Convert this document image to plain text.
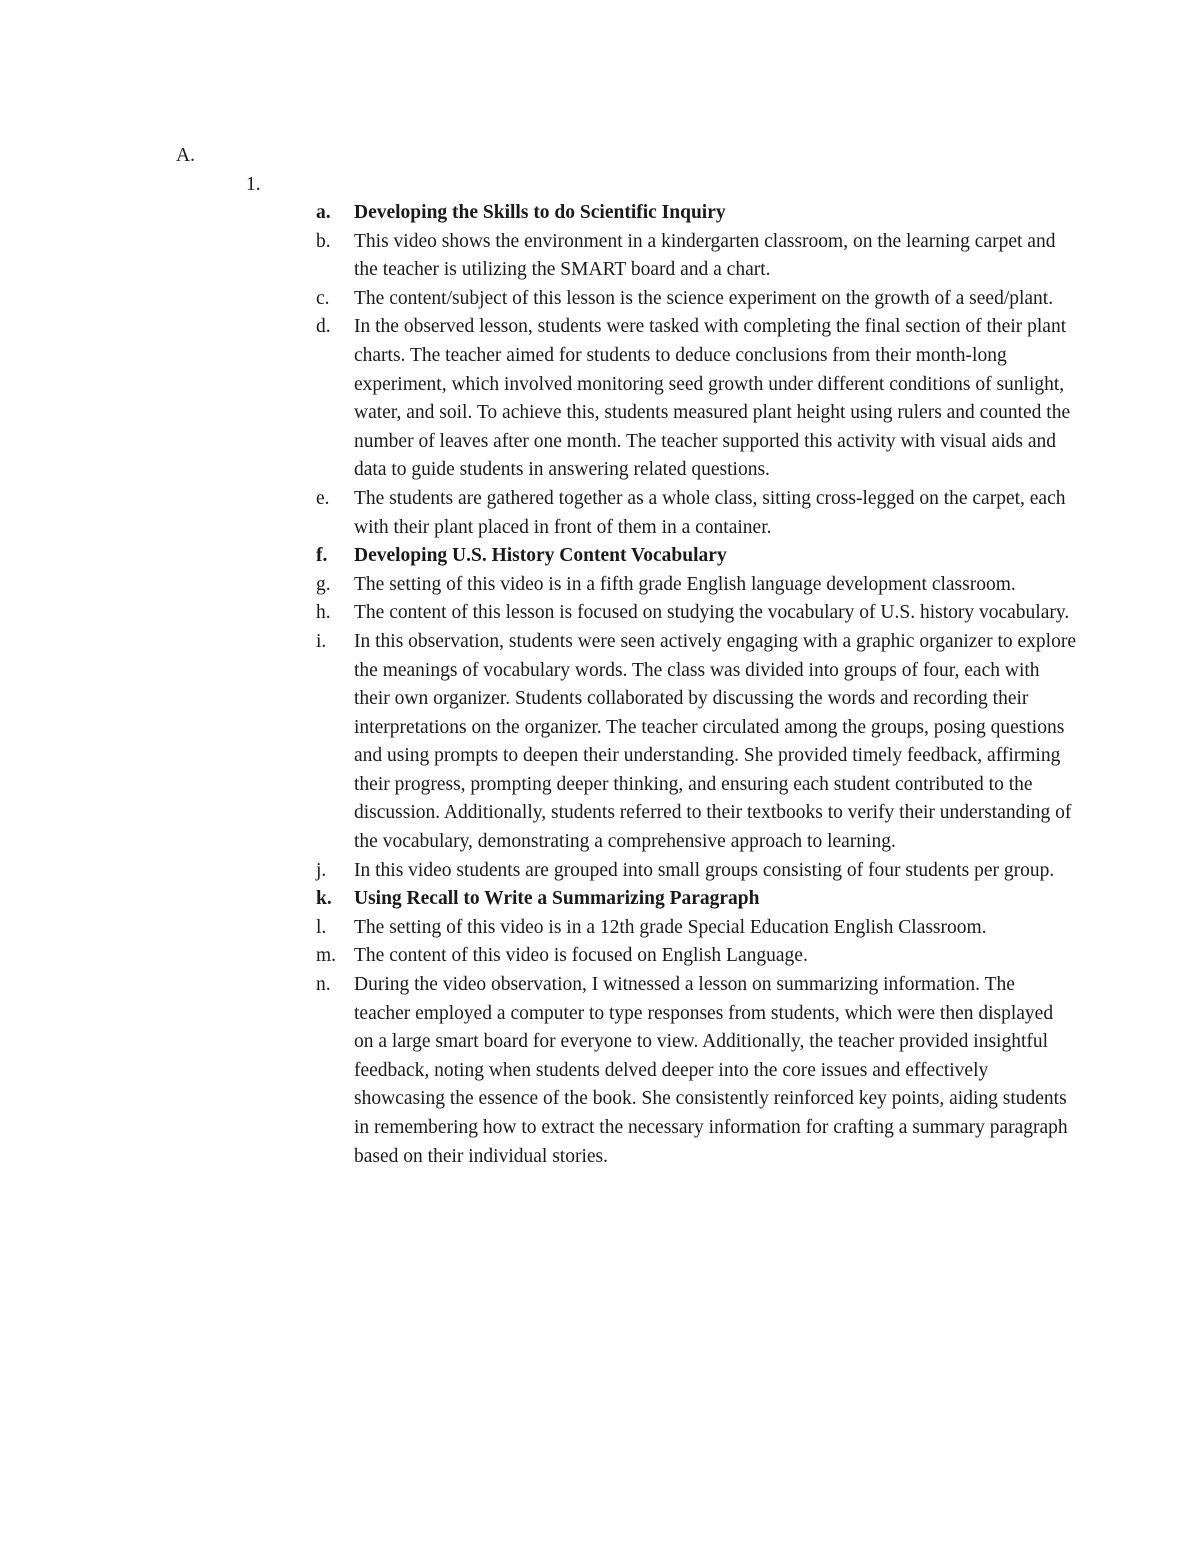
A.
1.
a. Developing the Skills to do Scientific Inquiry
b. This video shows the environment in a kindergarten classroom, on the learning carpet and the teacher is utilizing the SMART board and a chart.
c. The content/subject of this lesson is the science experiment on the growth of a seed/plant.
d. In the observed lesson, students were tasked with completing the final section of their plant charts. The teacher aimed for students to deduce conclusions from their month-long experiment, which involved monitoring seed growth under different conditions of sunlight, water, and soil. To achieve this, students measured plant height using rulers and counted the number of leaves after one month. The teacher supported this activity with visual aids and data to guide students in answering related questions.
e. The students are gathered together as a whole class, sitting cross-legged on the carpet, each with their plant placed in front of them in a container.
f. Developing U.S. History Content Vocabulary
g. The setting of this video is in a fifth grade English language development classroom.
h. The content of this lesson is focused on studying the vocabulary of U.S. history vocabulary.
i. In this observation, students were seen actively engaging with a graphic organizer to explore the meanings of vocabulary words. The class was divided into groups of four, each with their own organizer. Students collaborated by discussing the words and recording their interpretations on the organizer. The teacher circulated among the groups, posing questions and using prompts to deepen their understanding. She provided timely feedback, affirming their progress, prompting deeper thinking, and ensuring each student contributed to the discussion. Additionally, students referred to their textbooks to verify their understanding of the vocabulary, demonstrating a comprehensive approach to learning.
j. In this video students are grouped into small groups consisting of four students per group.
k. Using Recall to Write a Summarizing Paragraph
l. The setting of this video is in a 12th grade Special Education English Classroom.
m. The content of this video is focused on English Language.
n. During the video observation, I witnessed a lesson on summarizing information. The teacher employed a computer to type responses from students, which were then displayed on a large smart board for everyone to view. Additionally, the teacher provided insightful feedback, noting when students delved deeper into the core issues and effectively showcasing the essence of the book. She consistently reinforced key points, aiding students in remembering how to extract the necessary information for crafting a summary paragraph based on their individual stories.
